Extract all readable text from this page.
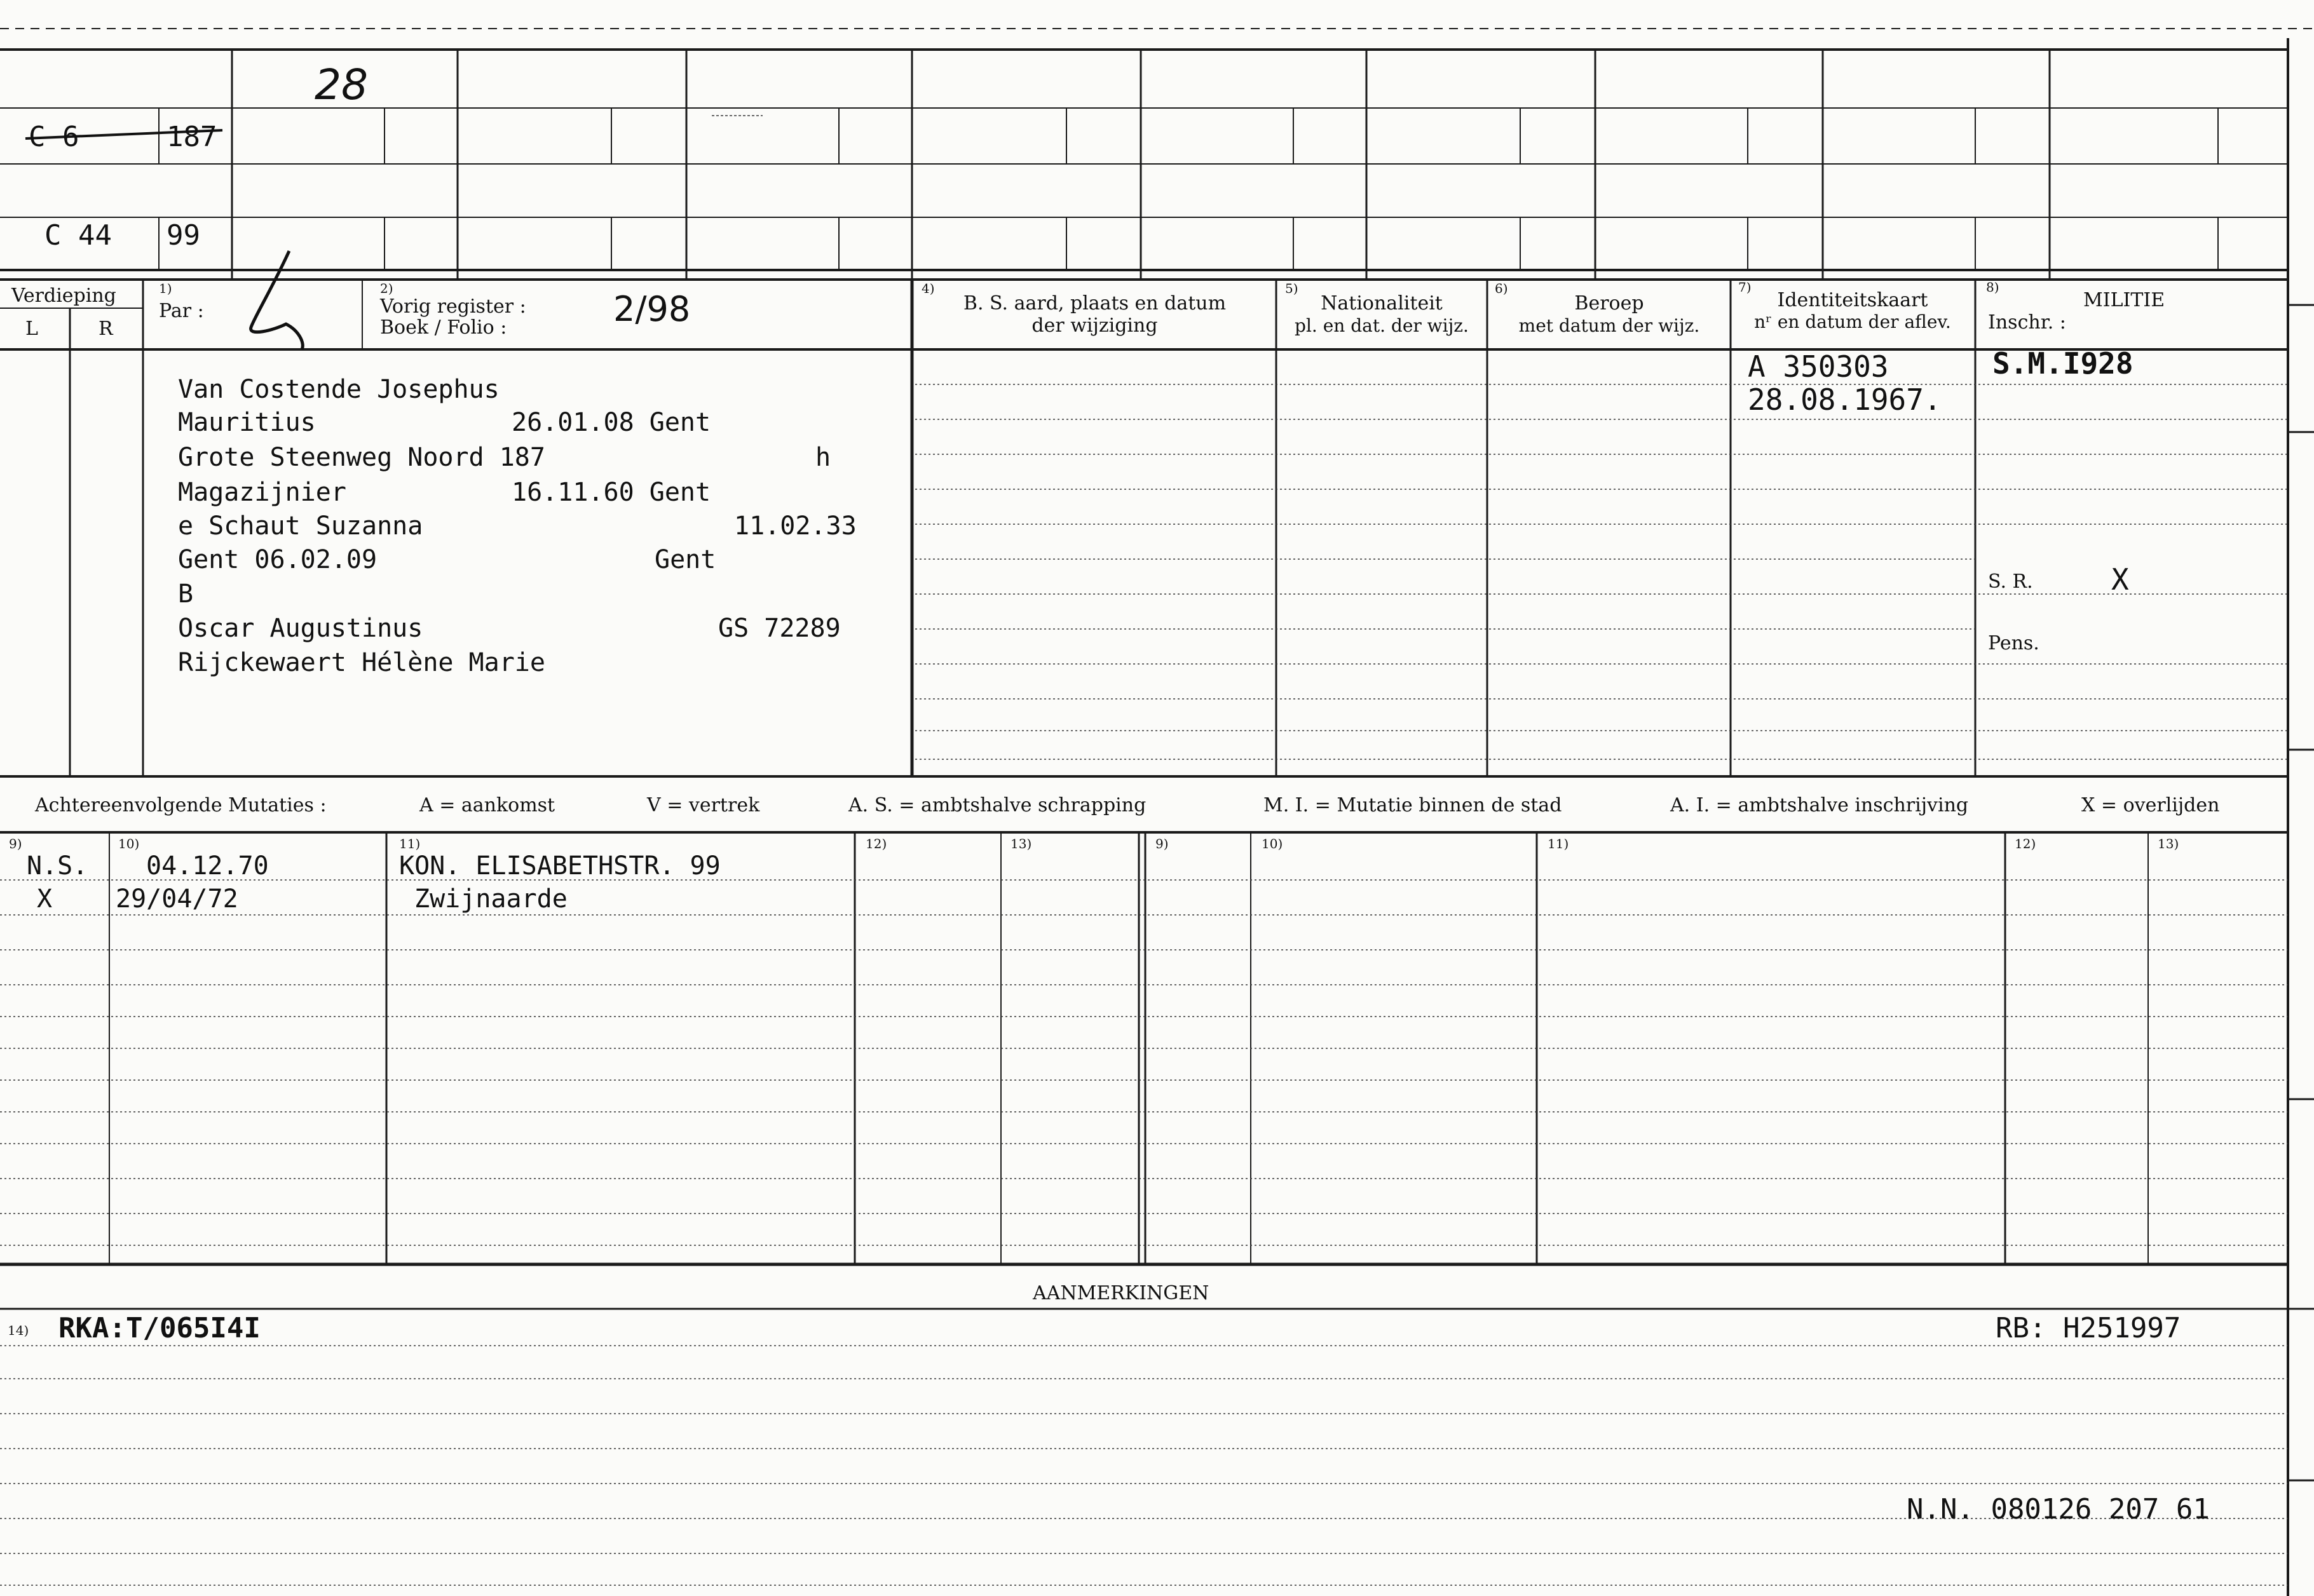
28
C 6	187
C 44 99
Verdieping
L	R
1)
Par :
2)
Vorig register :
Boek / Folio :	2/98
4)
B. S. aard, plaats en datum
der wijziging
5)
Nationaliteit
pl. en dat. der wijz.
6)
Beroep
met datum der wijz.
7)
Identiteitskaart
nʳ en datum der aflev.
8)
MILITIE
Inschr. :
Van Costende Josephus
Mauritius	26.01.08 Gent
Grote Steenweg Noord 187	h
Magazijnier	16.11.60 Gent
e Schaut Suzanna	11.02.33
Gent 06.02.09	Gent
B
Oscar Augustinus	GS 72289
Rijckewaert Hélène Marie
A 350303
28.08.1967.
S.M.I928
S. R.	X
Pens.
Achtereenvolgende Mutaties :	A = aankomst	V = vertrek	A. S. = ambtshalve schrapping	M. I. = Mutatie binnen de stad	A. I. = ambtshalve inschrijving	X = overlijden
9)	10)	11)	12)	13)	9)	10)	11)	12)	13)
N.S. 04.12.70	KON. ELISABETHSTR. 99
X 29/04/72	Zwijnaarde
AANMERKINGEN
14) RKA:T/065I4I	RB: H251997
N.N. 080126 207 61
